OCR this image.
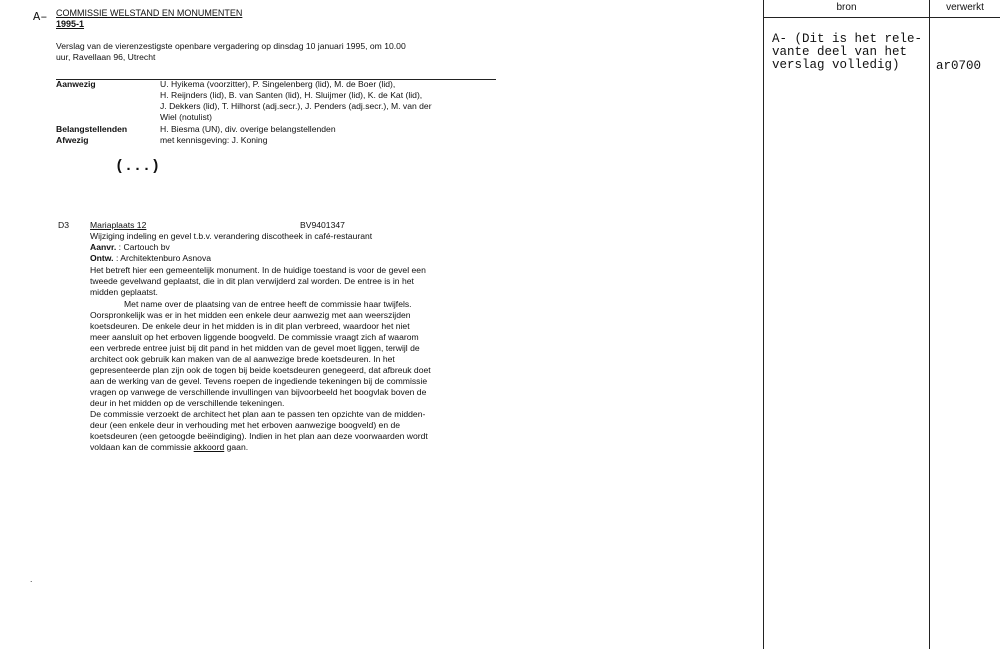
A– COMMISSIE WELSTAND EN MONUMENTEN
1995-1
Verslag van de vierenzestigste openbare vergadering op dinsdag 10 januari 1995, om 10.00
uur, Ravellaan 96, Utrecht
Aanwezig	U. Hyikema (voorzitter), P. Singelenberg (lid), M. de Boer (lid),
H. Reijnders (lid), B. van Santen (lid), H. Sluijmer (lid), K. de Kat (lid),
J. Dekkers (lid), T. Hilhorst (adj.secr.), J. Penders (adj.secr.), M. van der
Wiel (notulist)
Belangstellenden	H. Biesma (UN), div. overige belangstellenden
Afwezig	met kennisgeving: J. Koning
(...)
D3 Mariaplaats 12	BV9401347
Wijziging indeling en gevel t.b.v. verandering discotheek in café-restaurant
Aanvr. : Cartouch bv
Ontw. : Architektenburo Asnova
Het betreft hier een gemeentelijk monument. In de huidige toestand is voor de gevel een
tweede gevelwand geplaatst, die in dit plan verwijderd zal worden. De entree is in het
midden geplaatst.
Met name over de plaatsing van de entree heeft de commissie haar twijfels.
Oorspronkelijk was er in het midden een enkele deur aanwezig met aan weerszijden
koetsdeuren. De enkele deur in het midden is in dit plan verbreed, waardoor het niet
meer aansluit op het erboven liggende boogveld. De commissie vraagt zich af waarom
een verbrede entree juist bij dit pand in het midden van de gevel moet liggen, terwijl de
architect ook gebruik kan maken van de al aanwezige brede koetsdeuren. In het
gepresenteerde plan zijn ook de togen bij beide koetsdeuren genegeerd, dat afbreuk doet
aan de werking van de gevel. Tevens roepen de ingediende tekeningen bij de commissie
vragen op vanwege de verschillende invullingen van bijvoorbeeld het boogvlak boven de
deur in het midden op de verschillende tekeningen.
De commissie verzoekt de architect het plan aan te passen ten opzichte van de midden-
deur (een enkele deur in verhouding met het erboven aanwezige boogveld) en de
koetsdeuren (een getoogde beëindiging). Indien in het plan aan deze voorwaarden wordt
voldaan kan de commissie akkoord gaan.
.
bron	verwerkt
A- (Dit is het rele-
vante deel van het
verslag volledig)	ar0700
